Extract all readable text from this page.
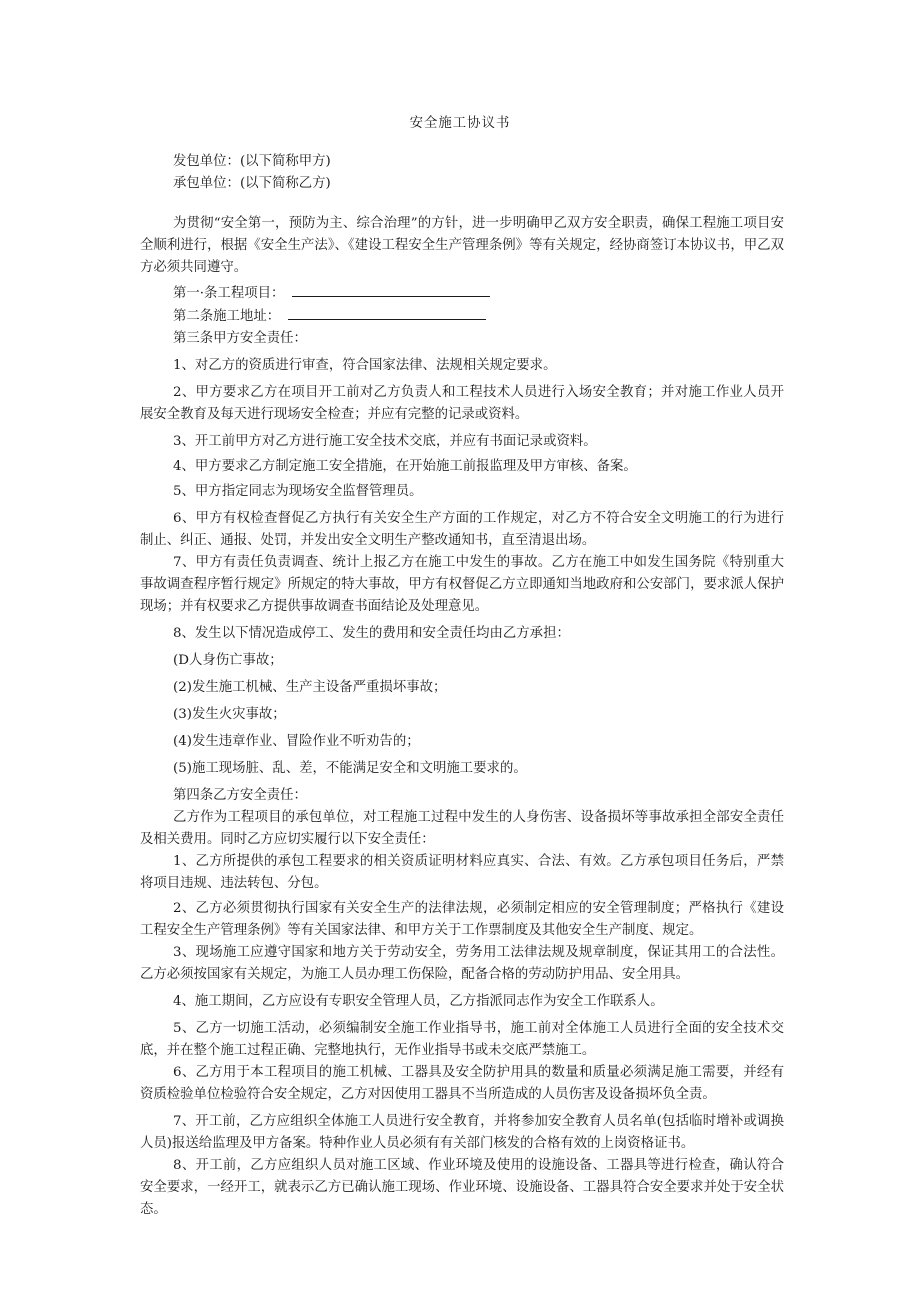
安全施工协议书

发包单位：(以下简称甲方)

承包单位：(以下简称乙方)

为贯彻“安全第一，预防为主、综合治理”的方针，进一步明确甲乙双方安全职责，确保工程施工项目安全顺利进行，根据《安全生产法》、《建设工程安全生产管理条例》等有关规定，经协商签订本协议书，甲乙双方必须共同遵守。

第一·条工程项目：

第二条施工地址：

第三条甲方安全责任：

1、对乙方的资质进行审查，符合国家法律、法规相关规定要求。

2、甲方要求乙方在项目开工前对乙方负责人和工程技术人员进行入场安全教育；并对施工作业人员开展安全教育及每天进行现场安全检查；并应有完整的记录或资料。

3、开工前甲方对乙方进行施工安全技术交底，并应有书面记录或资料。

4、甲方要求乙方制定施工安全措施，在开始施工前报监理及甲方审核、备案。

5、甲方指定同志为现场安全监督管理员。

6、甲方有权检查督促乙方执行有关安全生产方面的工作规定，对乙方不符合安全文明施工的行为进行制止、纠正、通报、处罚，并发出安全文明生产整改通知书，直至清退出场。

7、甲方有责任负责调查、统计上报乙方在施工中发生的事故。乙方在施工中如发生国务院《特别重大事故调查程序暂行规定》所规定的特大事故，甲方有权督促乙方立即通知当地政府和公安部门，要求派人保护现场；并有权要求乙方提供事故调查书面结论及处理意见。

8、发生以下情况造成停工、发生的费用和安全责任均由乙方承担：

(D人身伤亡事故；

(2)发生施工机械、生产主设备严重损坏事故；

(3)发生火灾事故；

(4)发生违章作业、冒险作业不听劝告的；

(5)施工现场脏、乱、差，不能满足安全和文明施工要求的。

第四条乙方安全责任：

乙方作为工程项目的承包单位，对工程施工过程中发生的人身伤害、设备损坏等事故承担全部安全责任及相关费用。同时乙方应切实履行以下安全责任：

1、乙方所提供的承包工程要求的相关资质证明材料应真实、合法、有效。乙方承包项目任务后，严禁将项目违规、违法转包、分包。

2、乙方必须贯彻执行国家有关安全生产的法律法规，必须制定相应的安全管理制度；严格执行《建设工程安全生产管理条例》等有关国家法律、和甲方关于工作票制度及其他安全生产制度、规定。

3、现场施工应遵守国家和地方关于劳动安全，劳务用工法律法规及规章制度，保证其用工的合法性。乙方必须按国家有关规定，为施工人员办理工伤保险，配备合格的劳动防护用品、安全用具。

4、施工期间，乙方应设有专职安全管理人员，乙方指派同志作为安全工作联系人。

5、乙方一切施工活动，必须编制安全施工作业指导书，施工前对全体施工人员进行全面的安全技术交底，并在整个施工过程正确、完整地执行，无作业指导书或未交底严禁施工。

6、乙方用于本工程项目的施工机械、工器具及安全防护用具的数量和质量必须满足施工需要，并经有资质检验单位检验符合安全规定，乙方对因使用工器具不当所造成的人员伤害及设备损坏负全责。

7、开工前，乙方应组织全体施工人员进行安全教育，并将参加安全教育人员名单(包括临时增补或调换人员)报送给监理及甲方备案。特种作业人员必须有有关部门核发的合格有效的上岗资格证书。

8、开工前，乙方应组织人员对施工区域、作业环境及使用的设施设备、工器具等进行检查，确认符合安全要求，一经开工，就表示乙方已确认施工现场、作业环境、设施设备、工器具符合安全要求并处于安全状态。
